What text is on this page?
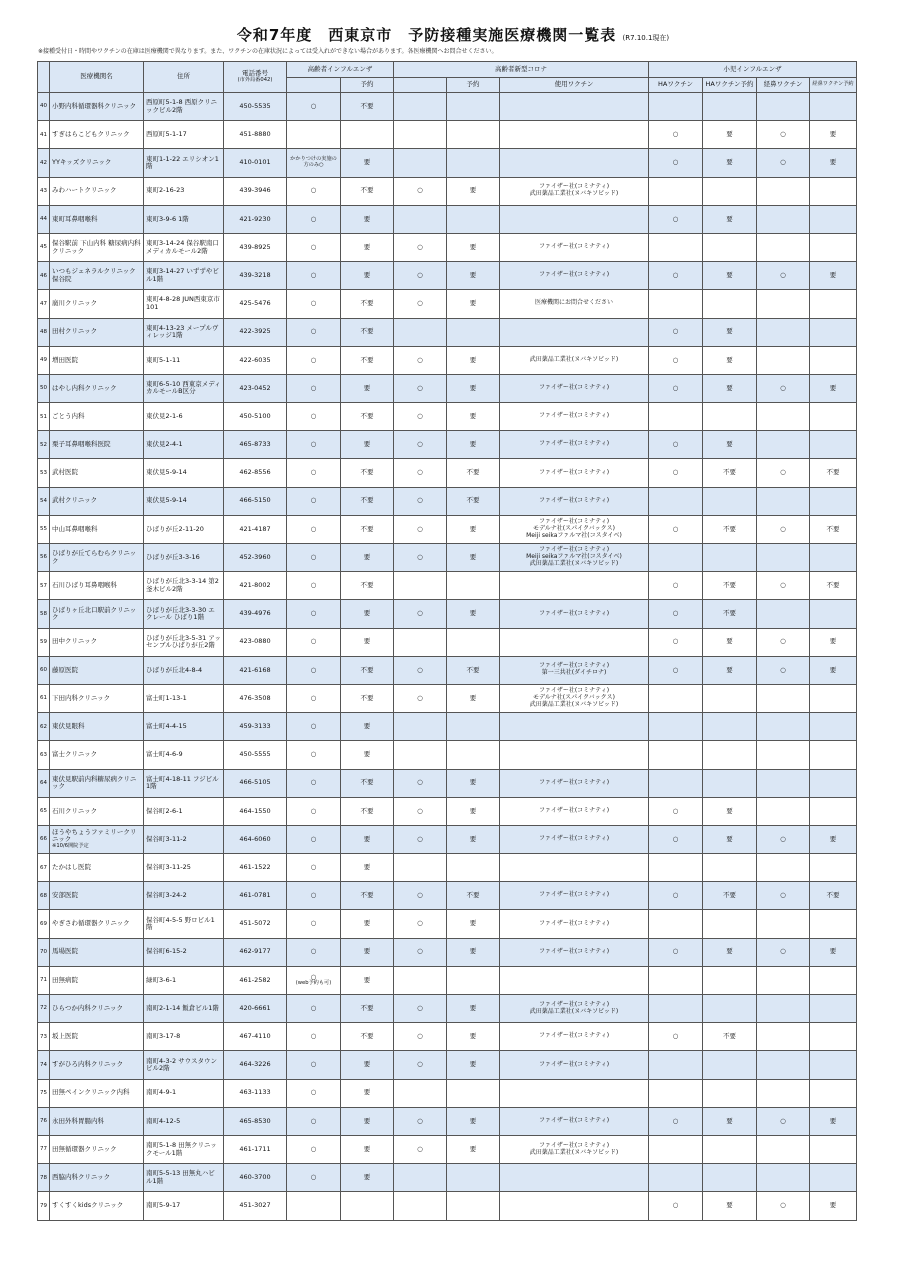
令和7年度　西東京市　予防接種実施医療機関一覧表 (R7.10.1現在)
※接種受付日・時間やワクチンの在庫は医療機関で異なります。また、ワクチンの在庫状況によっては受入れができない場合があります。各医療機関へお問合せください。
	医療機関名	住所	電話番号
(市外局番042)	高齢者インフルエンザ		高齢者新型コロナ			小児インフルエンザ			
					予約		予約	使用ワクチン	HAワクチン	HAワクチン予約	経鼻ワクチン	経鼻ワクチン予約

40	小野内科循環器科クリニック	西原町5-1-8 西原クリニックビル2階	450-5535	○	不要							

41	すぎはらこどもクリニック	西原町5-1-17	451-8880						○	要	○	要

42	YYキッズクリニック	東町1-1-22 エリシオン1階	410-0101	かかりつけの実施の方のみ○	要				○	要	○	要

43	みわハートクリニック	東町2-16-23	439-3946	○	不要	○	要	ファイザー社(コミナティ)
武田薬品工業社(ヌバキソビッド)				

44	東町耳鼻咽喉科	東町3-9-6 1階	421-9230	○	要				○	要		

45	保谷駅前 下山内科 糖尿病内科クリニック	東町3-14-24 保谷駅南口メディカルモール2階	439-8925	○	要	○	要	ファイザー社(コミナティ)				

46	いつもジェネラルクリニック保谷院	東町3-14-27 いずずやビル1階	439-3218	○	要	○	要	ファイザー社(コミナティ)	○	要	○	要

47	廣川クリニック	東町4-8-28 JUN西東京市101	425-5476	○	不要	○	要	医療機関にお問合せください				

48	田村クリニック	東町4-13-23 メープルヴィレッジ1階	422-3925	○	不要				○	要		

49	増田医院	東町5-1-11	422-6035	○	不要	○	要	武田薬品工業社(ヌバキソビッド)	○	要		

50	はやし内科クリニック	東町6-5-10 西東京メディカルモールB区分	423-0452	○	要	○	要	ファイザー社(コミナティ)	○	要	○	要

51	ごとう内科	東伏見2-1-6	450-5100	○	不要	○	要	ファイザー社(コミナティ)				

52	栗子耳鼻咽喉科医院	東伏見2-4-1	465-8733	○	要	○	要	ファイザー社(コミナティ)	○	要		

53	武村医院	東伏見5-9-14	462-8556	○	不要	○	不要	ファイザー社(コミナティ)	○	不要	○	不要

54	武村クリニック	東伏見5-9-14	466-5150	○	不要	○	不要	ファイザー社(コミナティ)				

55	中山耳鼻咽喉科	ひばりが丘2-11-20	421-4187	○	不要	○	要	ファイザー社(コミナティ)
モデルナ社(スパイクバックス)
Meiji seikaファルマ社(コスタイベ)	○	不要	○	不要

56	ひばりが丘てらむらクリニック	ひばりが丘3-3-16	452-3960	○	要	○	要	ファイザー社(コミナティ)
Meiji seikaファルマ社(コスタイベ)
武田薬品工業社(ヌバキソビッド)				

57	石川ひばり耳鼻咽喉科	ひばりが丘北3-3-14 第2釜木ビル2階	421-8002	○	不要				○	不要	○	不要

58	ひばりヶ丘北口駅前クリニック	ひばりが丘北3-3-30 エクレール ひばり1階	439-4976	○	要	○	要	ファイザー社(コミナティ)	○	不要		

59	田中クリニック	ひばりが丘北3-5-31 アッセンブルひばりが丘2階	423-0880	○	要				○	要	○	要

60	藤原医院	ひばりが丘北4-8-4	421-6168	○	不要	○	不要	ファイザー社(コミナティ)
第一三共社(ダイチロナ)	○	要	○	要

61	下田内科クリニック	富士町1-13-1	476-3508	○	不要	○	要	ファイザー社(コミナティ)
モデルナ社(スパイクバックス)
武田薬品工業社(ヌバキソビッド)				

62	東伏見眼科	富士町4-4-15	459-3133	○	要							

63	富士クリニック	富士町4-6-9	450-5555	○	要							

64	東伏見駅前内科糖尿病クリニック	富士町4-18-11 フジビル1階	466-5105	○	不要	○	要	ファイザー社(コミナティ)				

65	石川クリニック	保谷町2-6-1	464-1550	○	不要	○	要	ファイザー社(コミナティ)	○	要		

66	ほうやちょうファミリークリニック
※10/6開院予定	保谷町3-11-2	464-6060	○	要	○	要	ファイザー社(コミナティ)	○	要	○	要

67	たかはし医院	保谷町3-11-25	461-1522	○	要							

68	安部医院	保谷町3-24-2	461-0781	○	不要	○	不要	ファイザー社(コミナティ)	○	不要	○	不要

69	やぎさわ循環器クリニック	保谷町4-5-5 野ロビル1階	451-5072	○	要	○	要	ファイザー社(コミナティ)				

70	馬場医院	保谷町6-15-2	462-9177	○	要	○	要	ファイザー社(コミナティ)	○	要	○	要

71	田無病院	緑町3-6-1	461-2582	○
(web予約も可)	要							

72	ひらつか内科クリニック	南町2-1-14 飯倉ビル1階	420-6661	○	不要	○	要	ファイザー社(コミナティ)
武田薬品工業社(ヌバキソビッド)				

73	坂上医院	南町3-17-8	467-4110	○	不要	○	要	ファイザー社(コミナティ)	○	不要		

74	すがひろ内科クリニック	南町4-3-2 サウスタウンビル2階	464-3226	○	要	○	要	ファイザー社(コミナティ)				

75	田無ペインクリニック内科	南町4-9-1	463-1133	○	要							

76	永田外科胃腸内科	南町4-12-5	465-8530	○	要	○	要	ファイザー社(コミナティ)	○	要	○	要

77	田無循環器クリニック	南町5-1-8 田無クリニックモール1階	461-1711	○	要	○	要	ファイザー社(コミナティ)
武田薬品工業社(ヌバキソビッド)				

78	西脇内科クリニック	南町5-5-13 田無丸ハビル1階	460-3700	○	要							

79	すくすくkidsクリニック	南町5-9-17	451-3027						○	要	○	要
